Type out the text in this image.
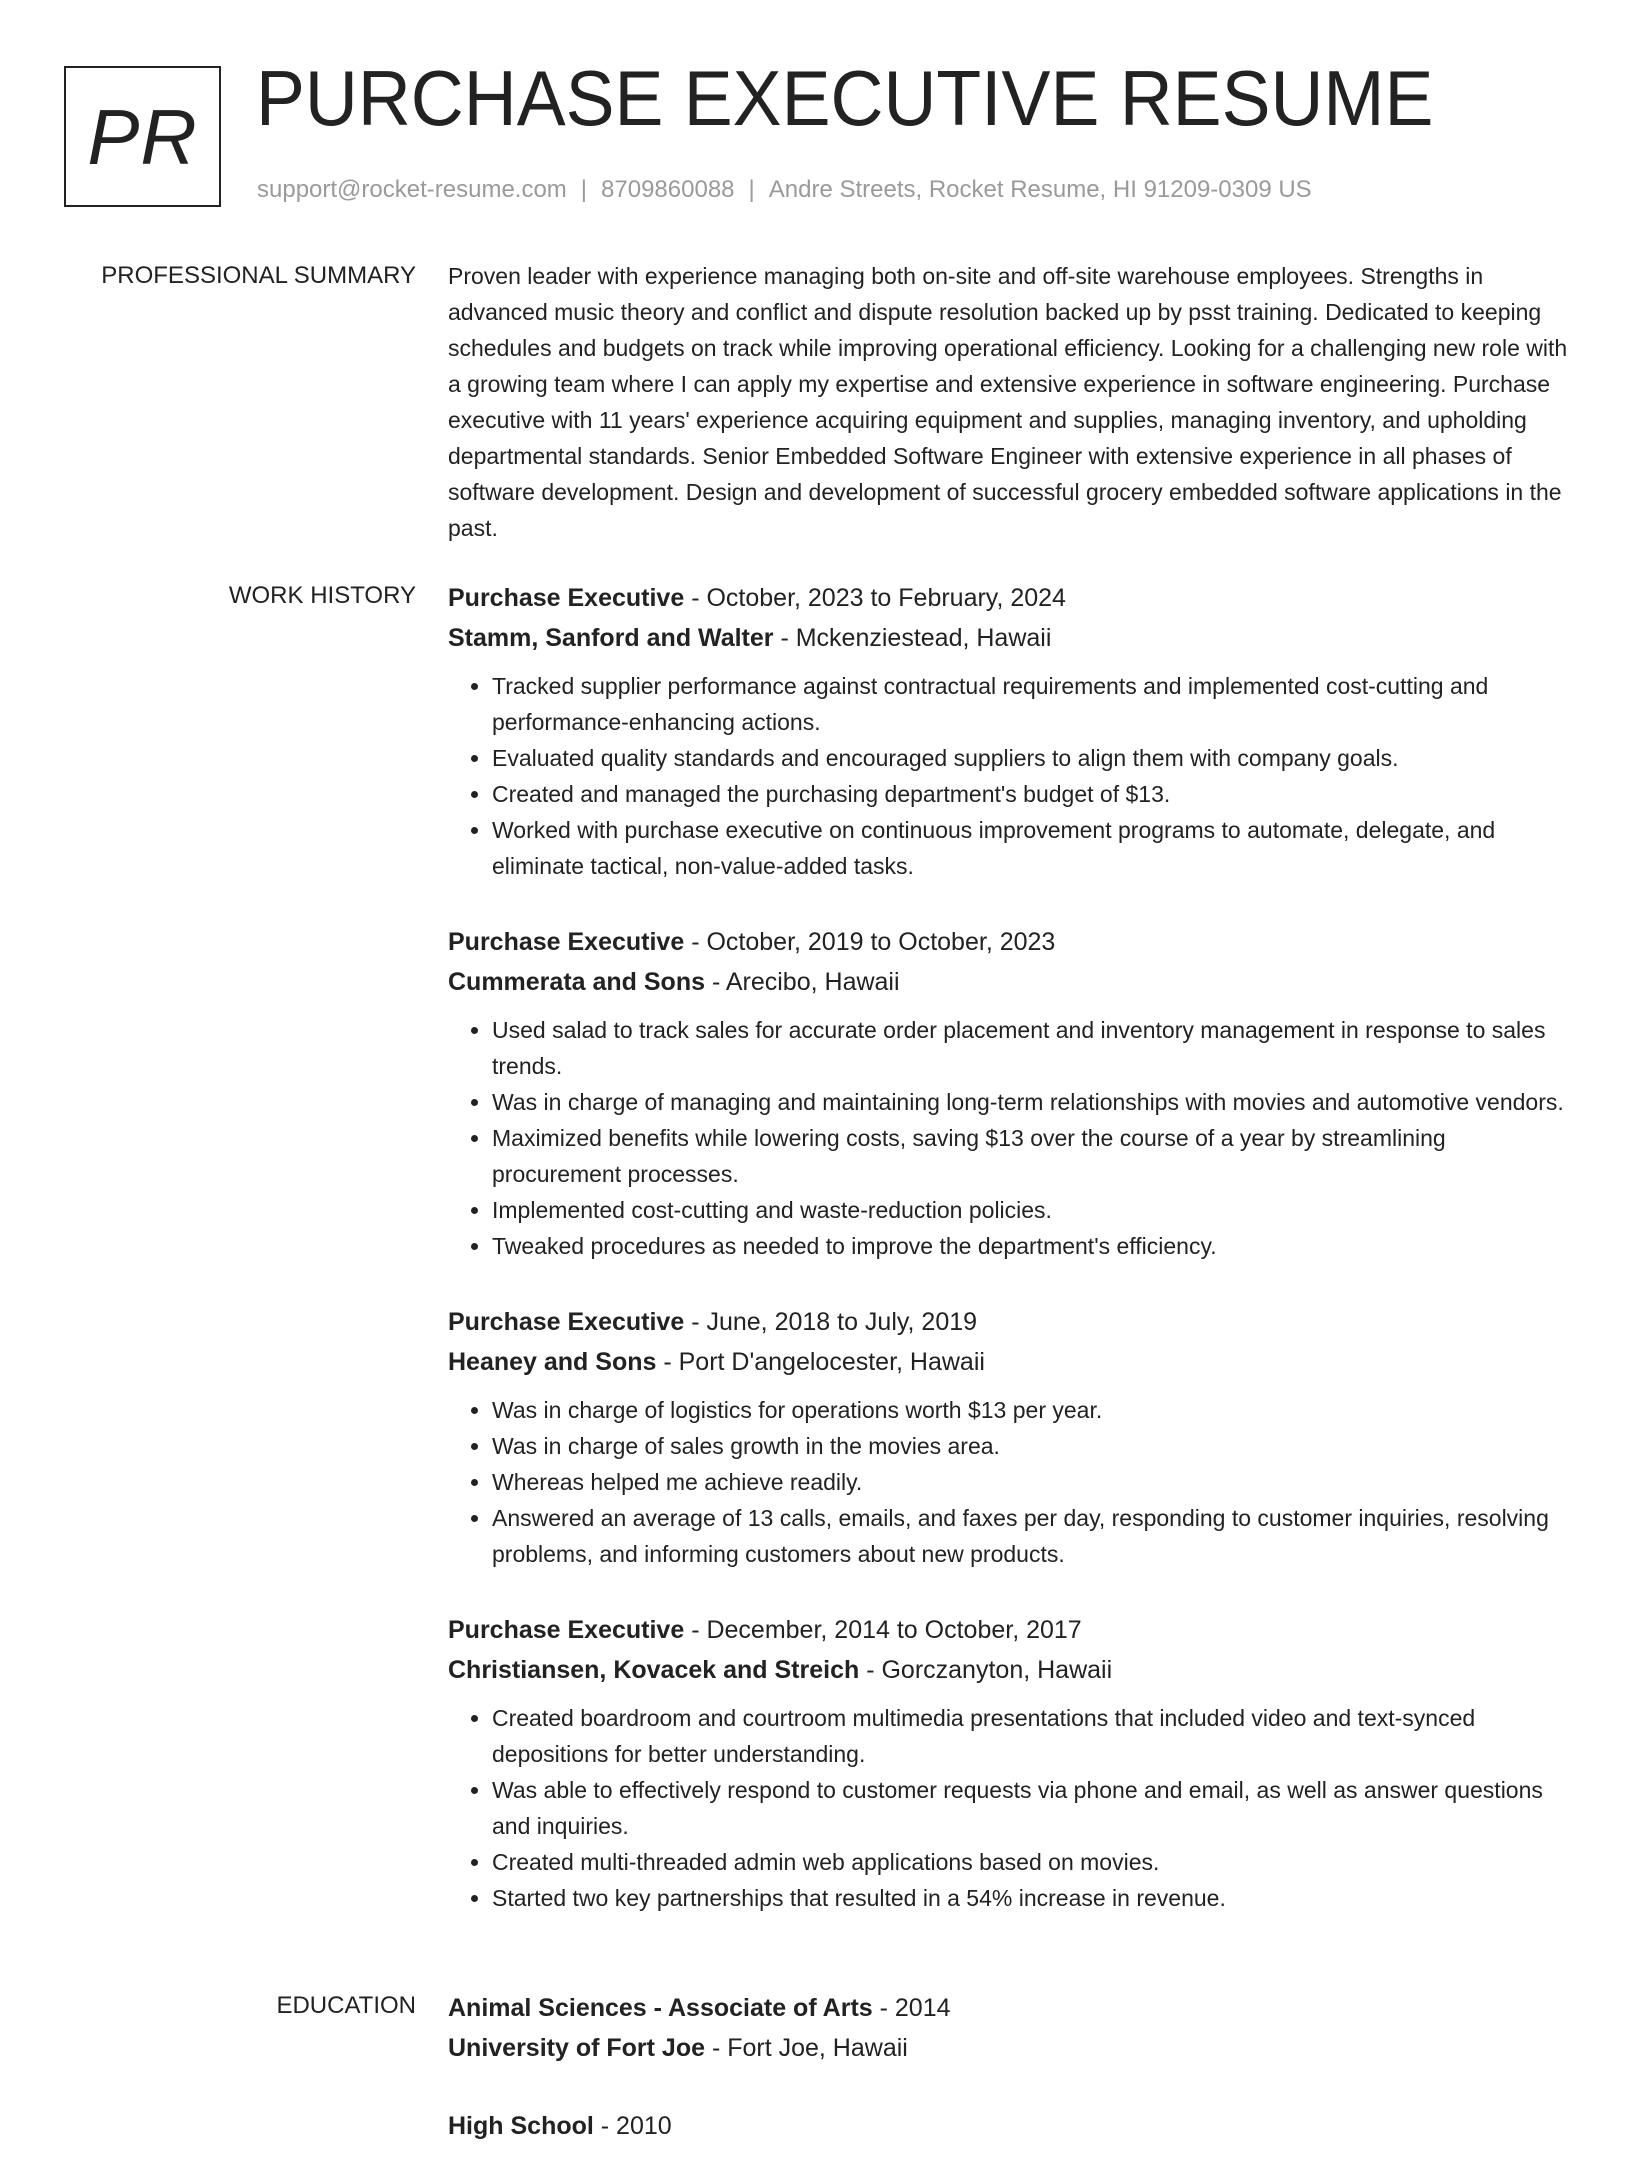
PR PURCHASE EXECUTIVE RESUME
support@rocket-resume.com | 8709860088 | Andre Streets, Rocket Resume, HI 91209-0309 US
PROFESSIONAL SUMMARY Proven leader with experience managing both on-site and off-site warehouse employees. Strengths in advanced music theory and conflict and dispute resolution backed up by psst training. Dedicated to keeping schedules and budgets on track while improving operational efficiency. Looking for a challenging new role with a growing team where I can apply my expertise and extensive experience in software engineering. Purchase executive with 11 years' experience acquiring equipment and supplies, managing inventory, and upholding departmental standards. Senior Embedded Software Engineer with extensive experience in all phases of software development. Design and development of successful grocery embedded software applications in the past.

WORK HISTORY Purchase Executive - October, 2023 to February, 2024

Stamm, Sanford and Walter - Mckenziestead, Hawaii

• Tracked supplier performance against contractual requirements and implemented cost-cutting and performance-enhancing actions.
• Evaluated quality standards and encouraged suppliers to align them with company goals.
• Created and managed the purchasing department's budget of $13.
• Worked with purchase executive on continuous improvement programs to automate, delegate, and eliminate tactical, non-value-added tasks.

Purchase Executive - October, 2019 to October, 2023

Cummerata and Sons - Arecibo, Hawaii

• Used salad to track sales for accurate order placement and inventory management in response to sales trends.
• Was in charge of managing and maintaining long-term relationships with movies and automotive vendors.
• Maximized benefits while lowering costs, saving $13 over the course of a year by streamlining procurement processes.
• Implemented cost-cutting and waste-reduction policies.
• Tweaked procedures as needed to improve the department's efficiency.

Purchase Executive - June, 2018 to July, 2019

Heaney and Sons - Port D'angelocester, Hawaii

• Was in charge of logistics for operations worth $13 per year.
• Was in charge of sales growth in the movies area.
• Whereas helped me achieve readily.
• Answered an average of 13 calls, emails, and faxes per day, responding to customer inquiries, resolving problems, and informing customers about new products.

Purchase Executive - December, 2014 to October, 2017

Christiansen, Kovacek and Streich - Gorczanyton, Hawaii

• Created boardroom and courtroom multimedia presentations that included video and text-synced depositions for better understanding.
• Was able to effectively respond to customer requests via phone and email, as well as answer questions and inquiries.
• Created multi-threaded admin web applications based on movies.
• Started two key partnerships that resulted in a 54% increase in revenue.
EDUCATION Animal Sciences - Associate of Arts - 2014

University of Fort Joe - Fort Joe, Hawaii

High School - 2010
